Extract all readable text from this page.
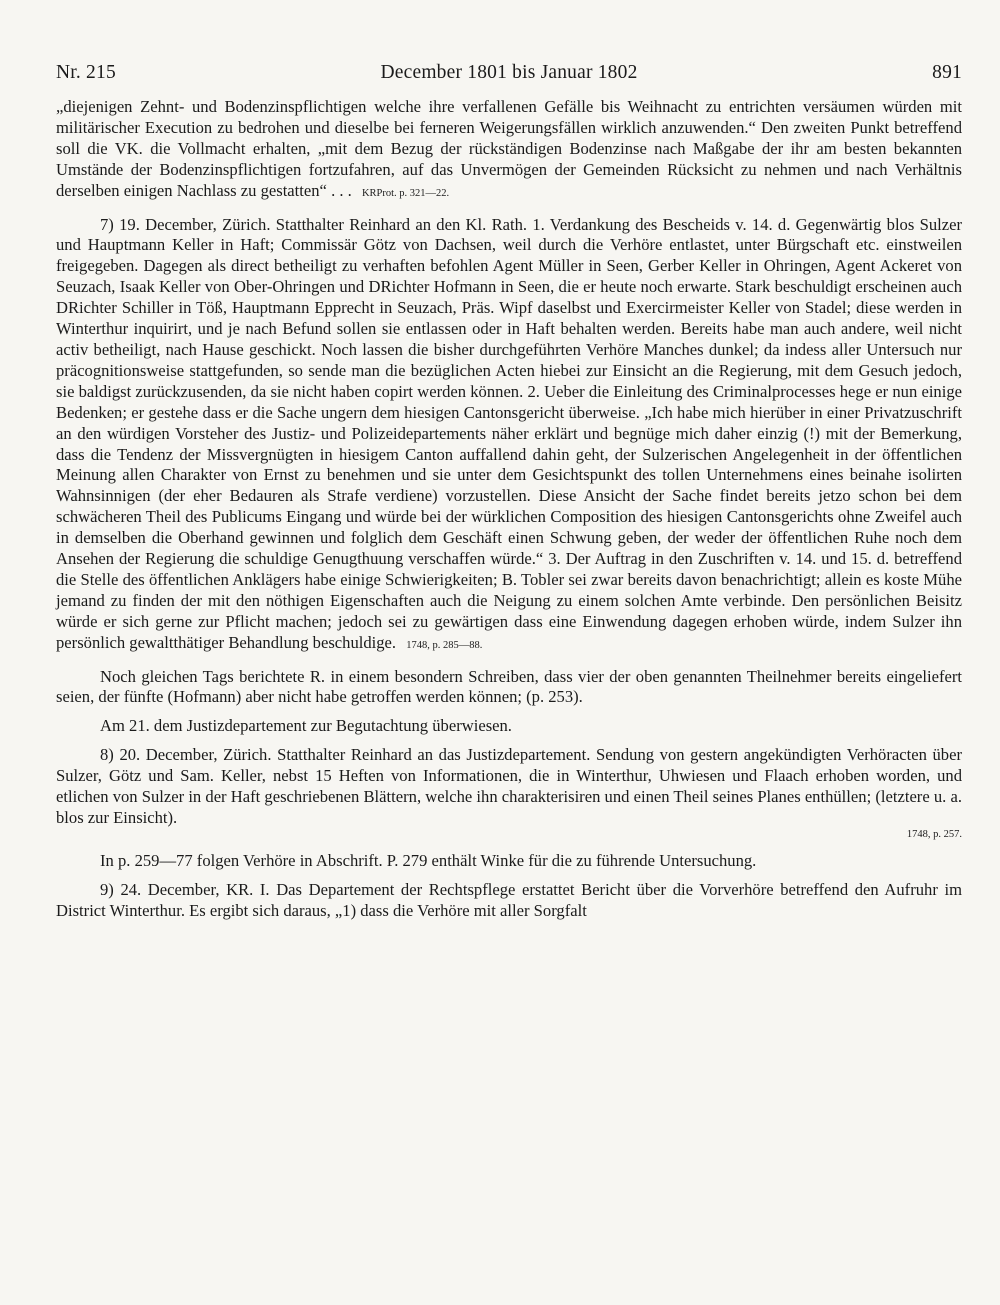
Nr. 215	December 1801 bis Januar 1802	891

„diejenigen Zehnt- und Bodenzinspflichtigen welche ihre verfallenen Gefälle bis Weihnacht zu entrichten versäumen würden mit militärischer Execution zu bedrohen und dieselbe bei ferneren Weigerungsfällen wirklich anzuwenden.“ Den zweiten Punkt betreffend soll die VK. die Vollmacht erhalten, „mit dem Bezug der rückständigen Bodenzinse nach Maßgabe der ihr am besten bekannten Umstände der Bodenzinspflichtigen fortzufahren, auf das Unvermögen der Gemeinden Rücksicht zu nehmen und nach Verhältnis derselben einigen Nachlass zu gestatten“ . . . KRProt. p. 321—22.

7) 19. December, Zürich. Statthalter Reinhard an den Kl. Rath. 1. Verdankung des Bescheids v. 14. d. Gegenwärtig blos Sulzer und Hauptmann Keller in Haft; Commissär Götz von Dachsen, weil durch die Verhöre entlastet, unter Bürgschaft etc. einstweilen freigegeben. Dagegen als direct betheiligt zu verhaften befohlen Agent Müller in Seen, Gerber Keller in Ohringen, Agent Ackeret von Seuzach, Isaak Keller von Ober-Ohringen und DRichter Hofmann in Seen, die er heute noch erwarte. Stark beschuldigt erscheinen auch DRichter Schiller in Töß, Hauptmann Epprecht in Seuzach, Präs. Wipf daselbst und Exercirmeister Keller von Stadel; diese werden in Winterthur inquirirt, und je nach Befund sollen sie entlassen oder in Haft behalten werden. Bereits habe man auch andere, weil nicht activ betheiligt, nach Hause geschickt. Noch lassen die bisher durchgeführten Verhöre Manches dunkel; da indess aller Untersuch nur präcognitionsweise stattgefunden, so sende man die bezüglichen Acten hiebei zur Einsicht an die Regierung, mit dem Gesuch jedoch, sie baldigst zurückzusenden, da sie nicht haben copirt werden können. 2. Ueber die Einleitung des Criminalprocesses hege er nun einige Bedenken; er gestehe dass er die Sache ungern dem hiesigen Cantonsgericht überweise. „Ich habe mich hierüber in einer Privatzuschrift an den würdigen Vorsteher des Justiz- und Polizeidepartements näher erklärt und begnüge mich daher einzig (!) mit der Bemerkung, dass die Tendenz der Missvergnügten in hiesigem Canton auffallend dahin geht, der Sulzerischen Angelegenheit in der öffentlichen Meinung allen Charakter von Ernst zu benehmen und sie unter dem Gesichtspunkt des tollen Unternehmens eines beinahe isolirten Wahnsinnigen (der eher Bedauren als Strafe verdiene) vorzustellen. Diese Ansicht der Sache findet bereits jetzo schon bei dem schwächeren Theil des Publicums Eingang und würde bei der würklichen Composition des hiesigen Cantonsgerichts ohne Zweifel auch in demselben die Oberhand gewinnen und folglich dem Geschäft einen Schwung geben, der weder der öffentlichen Ruhe noch dem Ansehen der Regierung die schuldige Genugthuung verschaffen würde.“ 3. Der Auftrag in den Zuschriften v. 14. und 15. d. betreffend die Stelle des öffentlichen Anklägers habe einige Schwierigkeiten; B. Tobler sei zwar bereits davon benachrichtigt; allein es koste Mühe jemand zu finden der mit den nöthigen Eigenschaften auch die Neigung zu einem solchen Amte verbinde. Den persönlichen Beisitz würde er sich gerne zur Pflicht machen; jedoch sei zu gewärtigen dass eine Einwendung dagegen erhoben würde, indem Sulzer ihn persönlich gewaltthätiger Behandlung beschuldige. 1748, p. 285—88.

Noch gleichen Tags berichtete R. in einem besondern Schreiben, dass vier der oben genannten Theilnehmer bereits eingeliefert seien, der fünfte (Hofmann) aber nicht habe getroffen werden können; (p. 253).

Am 21. dem Justizdepartement zur Begutachtung überwiesen.

8) 20. December, Zürich. Statthalter Reinhard an das Justizdepartement. Sendung von gestern angekündigten Verhöracten über Sulzer, Götz und Sam. Keller, nebst 15 Heften von Informationen, die in Winterthur, Uhwiesen und Flaach erhoben worden, und etlichen von Sulzer in der Haft geschriebenen Blättern, welche ihn charakterisiren und einen Theil seines Planes enthüllen; (letztere u. a. blos zur Einsicht).
1748, p. 257.

In p. 259—77 folgen Verhöre in Abschrift. P. 279 enthält Winke für die zu führende Untersuchung.

9) 24. December, KR. I. Das Departement der Rechtspflege erstattet Bericht über die Vorverhöre betreffend den Aufruhr im District Winterthur. Es ergibt sich daraus, „1) dass die Verhöre mit aller Sorgfalt
